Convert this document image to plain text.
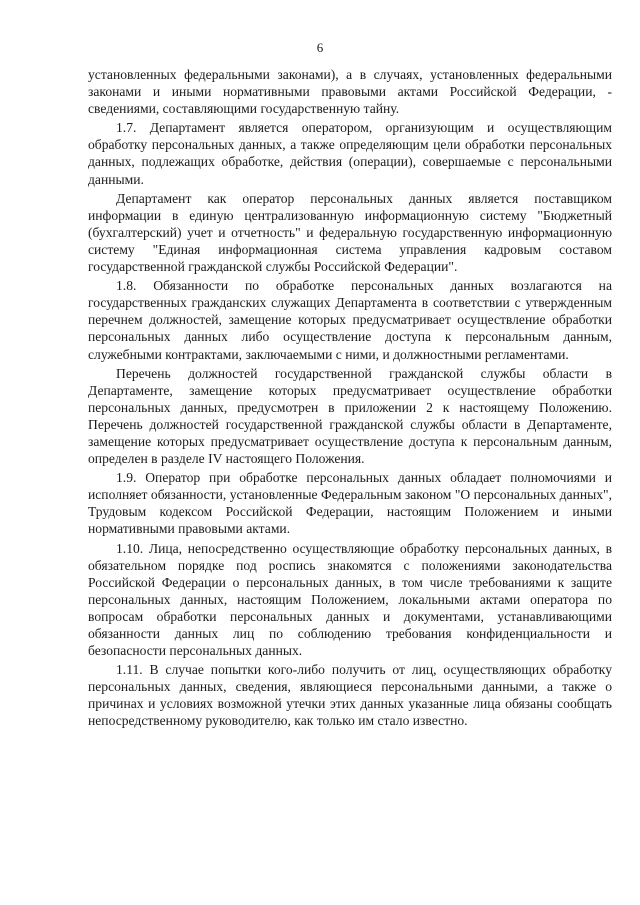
6

установленных федеральными законами), а в случаях, установленных федеральными законами и иными нормативными правовыми актами Российской Федерации, - сведениями, составляющими государственную тайну.

1.7. Департамент является оператором, организующим и осуществляющим обработку персональных данных, а также определяющим цели обработки персональных данных, подлежащих обработке, действия (операции), совершаемые с персональными данными.

Департамент как оператор персональных данных является поставщиком информации в единую централизованную информационную систему "Бюджетный (бухгалтерский) учет и отчетность" и федеральную государственную информационную систему "Единая информационная система управления кадровым составом государственной гражданской службы Российской Федерации".

1.8. Обязанности по обработке персональных данных возлагаются на государственных гражданских служащих Департамента в соответствии с утвержденным перечнем должностей, замещение которых предусматривает осуществление обработки персональных данных либо осуществление доступа к персональным данным, служебными контрактами, заключаемыми с ними, и должностными регламентами.

Перечень должностей государственной гражданской службы области в Департаменте, замещение которых предусматривает осуществление обработки персональных данных, предусмотрен в приложении 2 к настоящему Положению. Перечень должностей государственной гражданской службы области в Департаменте, замещение которых предусматривает осуществление доступа к персональным данным, определен в разделе IV настоящего Положения.

1.9. Оператор при обработке персональных данных обладает полномочиями и исполняет обязанности, установленные Федеральным законом "О персональных данных", Трудовым кодексом Российской Федерации, настоящим Положением и иными нормативными правовыми актами.

1.10. Лица, непосредственно осуществляющие обработку персональных данных, в обязательном порядке под роспись знакомятся с положениями законодательства Российской Федерации о персональных данных, в том числе требованиями к защите персональных данных, настоящим Положением, локальными актами оператора по вопросам обработки персональных данных и документами, устанавливающими обязанности данных лиц по соблюдению требования конфиденциальности и безопасности персональных данных.

1.11. В случае попытки кого-либо получить от лиц, осуществляющих обработку персональных данных, сведения, являющиеся персональными данными, а также о причинах и условиях возможной утечки этих данных указанные лица обязаны сообщать непосредственному руководителю, как только им стало известно.
